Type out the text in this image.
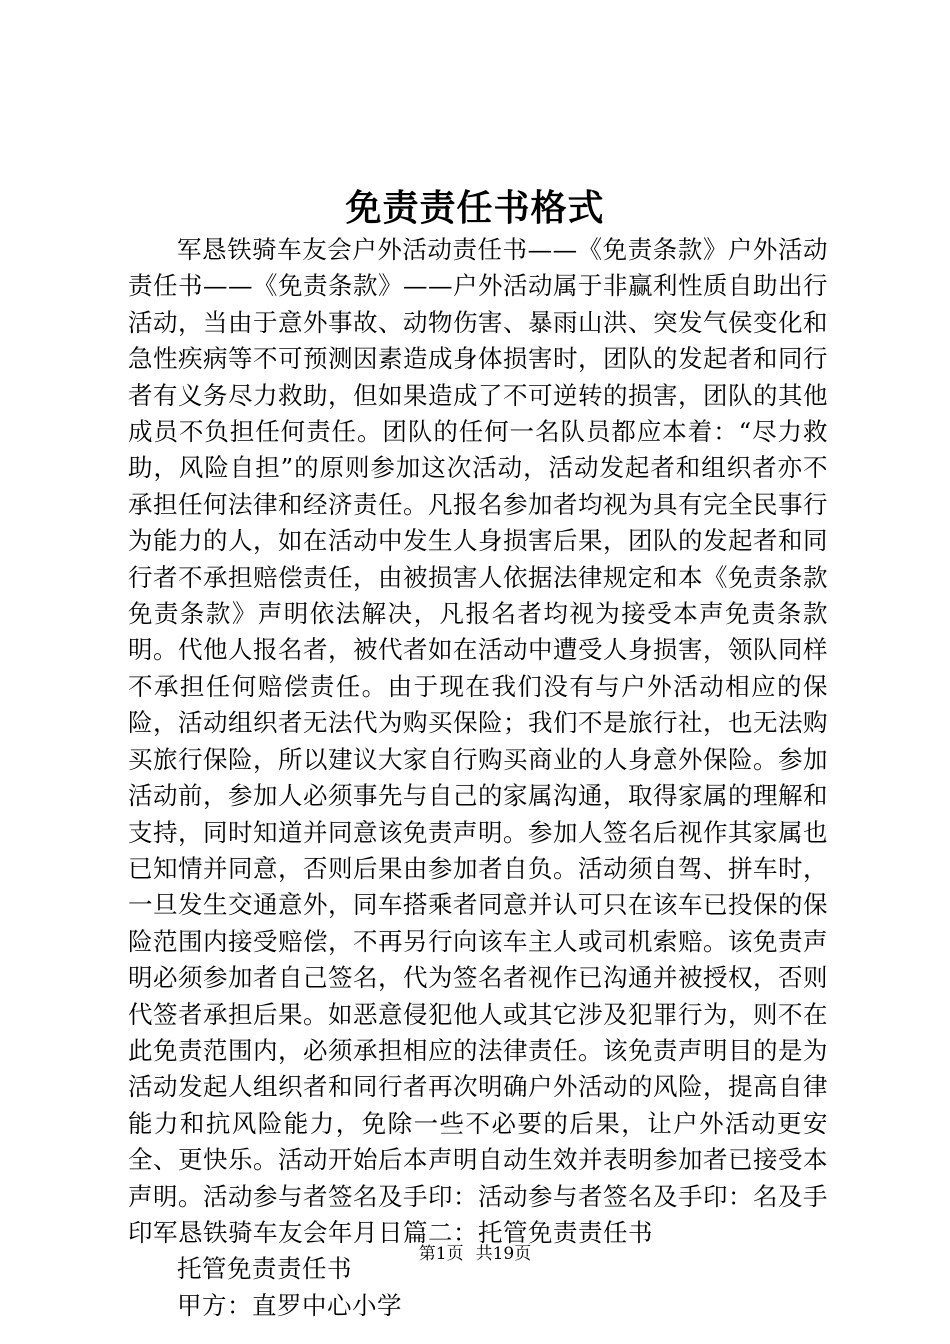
免责责任书格式

军恳铁骑车友会户外活动责任书——《免责条款》户外活动责任书——《免责条款》——户外活动属于非赢利性质自助出行活动，当由于意外事故、动物伤害、暴雨山洪、突发气侯变化和急性疾病等不可预测因素造成身体损害时，团队的发起者和同行者有义务尽力救助，但如果造成了不可逆转的损害，团队的其他成员不负担任何责任。团队的任何一名队员都应本着：“尽力救助，风险自担”的原则参加这次活动，活动发起者和组织者亦不承担任何法律和经济责任。凡报名参加者均视为具有完全民事行为能力的人，如在活动中发生人身损害后果，团队的发起者和同行者不承担赔偿责任，由被损害人依据法律规定和本《免责条款免责条款》声明依法解决，凡报名者均视为接受本声免责条款明。代他人报名者，被代者如在活动中遭受人身损害，领队同样不承担任何赔偿责任。由于现在我们没有与户外活动相应的保险，活动组织者无法代为购买保险；我们不是旅行社，也无法购买旅行保险，所以建议大家自行购买商业的人身意外保险。参加活动前，参加人必须事先与自己的家属沟通，取得家属的理解和支持，同时知道并同意该免责声明。参加人签名后视作其家属也已知情并同意，否则后果由参加者自负。活动须自驾、拼车时，一旦发生交通意外，同车搭乘者同意并认可只在该车已投保的保险范围内接受赔偿，不再另行向该车主人或司机索赔。该免责声明必须参加者自己签名，代为签名者视作已沟通并被授权，否则代签者承担后果。如恶意侵犯他人或其它涉及犯罪行为，则不在此免责范围内，必须承担相应的法律责任。该免责声明目的是为活动发起人组织者和同行者再次明确户外活动的风险，提高自律能力和抗风险能力，免除一些不必要的后果，让户外活动更安全、更快乐。活动开始后本声明自动生效并表明参加者已接受本声明。活动参与者签名及手印：活动参与者签名及手印：名及手印军恳铁骑车友会年月日篇二：托管免责责任书

托管免责责任书

甲方：直罗中心小学

第1页 共19页
